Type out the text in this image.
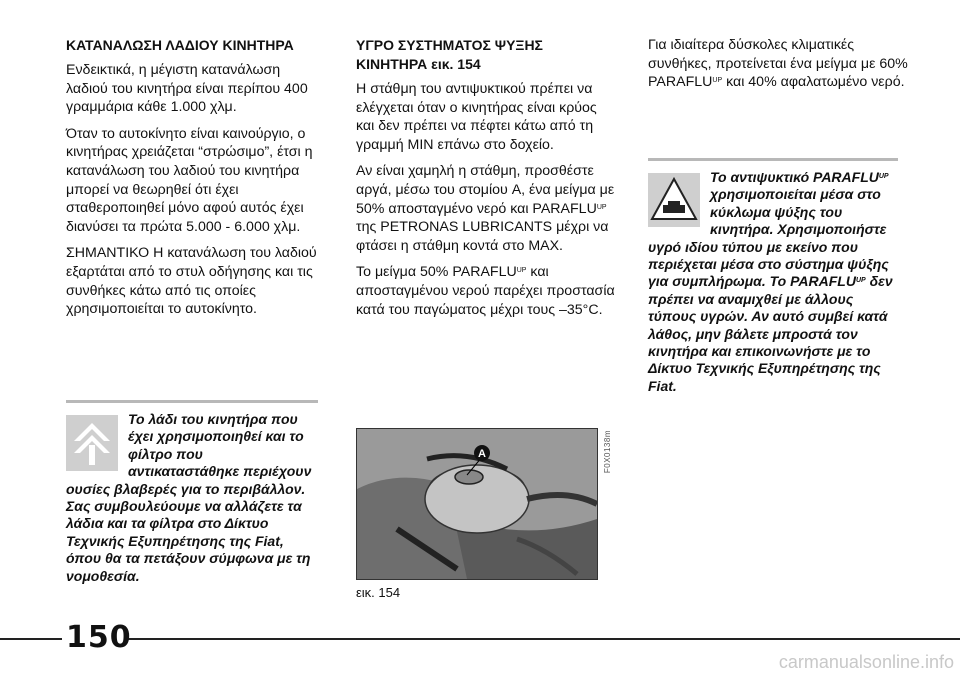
ΚΑΤΑΝΑΛΩΣΗ ΛΑΔΙΟΥ ΚΙΝΗΤΗΡΑ
Ενδεικτικά, η μέγιστη κατανάλωση λαδιού του κινητήρα είναι περίπου 400 γραμμάρια κάθε 1.000 χλμ.
Όταν το αυτοκίνητο είναι καινούργιο, ο κινητήρας χρειάζεται “στρώσιμο”, έτσι η κατανάλωση του λαδιού του κινητήρα μπορεί να θεωρηθεί ότι έχει σταθεροποιηθεί μόνο αφού αυτός έχει διανύσει τα πρώτα 5.000 - 6.000 χλμ.
ΣΗΜΑΝΤΙΚΟ Η κατανάλωση του λαδιού εξαρτάται από το στυλ οδήγησης και τις συνθήκες κάτω από τις οποίες χρησιμοποιείται το αυτοκίνητο.
Το λάδι του κινητήρα που έχει χρησιμοποιηθεί και το φίλτρο που αντικαταστάθηκε περιέχουν ουσίες βλαβερές για το περιβάλλον. Σας συμβουλεύουμε να αλλάζετε τα λάδια και τα φίλτρα στο Δίκτυο Τεχνικής Εξυπηρέτησης της Fiat, όπου θα τα πετάξουν σύμφωνα με τη νομοθεσία.
ΥΓΡΟ ΣΥΣΤΗΜΑΤΟΣ ΨΥΞΗΣ ΚΙΝΗΤΗΡΑ εικ. 154
Η στάθμη του αντιψυκτικού πρέπει να ελέγχεται όταν ο κινητήρας είναι κρύος και δεν πρέπει να πέφτει κάτω από τη γραμμή MIN επάνω στο δοχείο.
Αν είναι χαμηλή η στάθμη, προσθέστε αργά, μέσω του στομίου A, ένα μείγμα με 50% αποσταγμένο νερό και $PARAFLU^{UP}$ της PETRONAS LUBRICANTS μέχρι να φτάσει η στάθμη κοντά στο MAX.
Το μείγμα 50% $PARAFLU^{UP}$ και αποσταγμένου νερού παρέχει προστασία κατά του παγώματος μέχρι τους –35°C.
A	F0X0138m
εικ. 154
Για ιδιαίτερα δύσκολες κλιματικές συνθήκες, προτείνεται ένα μείγμα με 60% $PARAFLU^{UP}$ και 40% αφαλατωμένο νερό.
Το αντιψυκτικό $PARAFLU^{UP}$ χρησιμοποιείται μέσα στο κύκλωμα ψύξης του κινητήρα. Χρησιμοποιήστε υγρό ιδίου τύπου με εκείνο που περιέχεται μέσα στο σύστημα ψύξης για συμπλήρωμα. Το $PARAFLU^{UP}$ δεν πρέπει να αναμιχθεί με άλλους τύπους υγρών. Αν αυτό συμβεί κατά λάθος, μην βάλετε μπροστά τον κινητήρα και επικοινωνήστε με το Δίκτυο Τεχνικής Εξυπηρέτησης της Fiat.
150
carmanualsonline.info
